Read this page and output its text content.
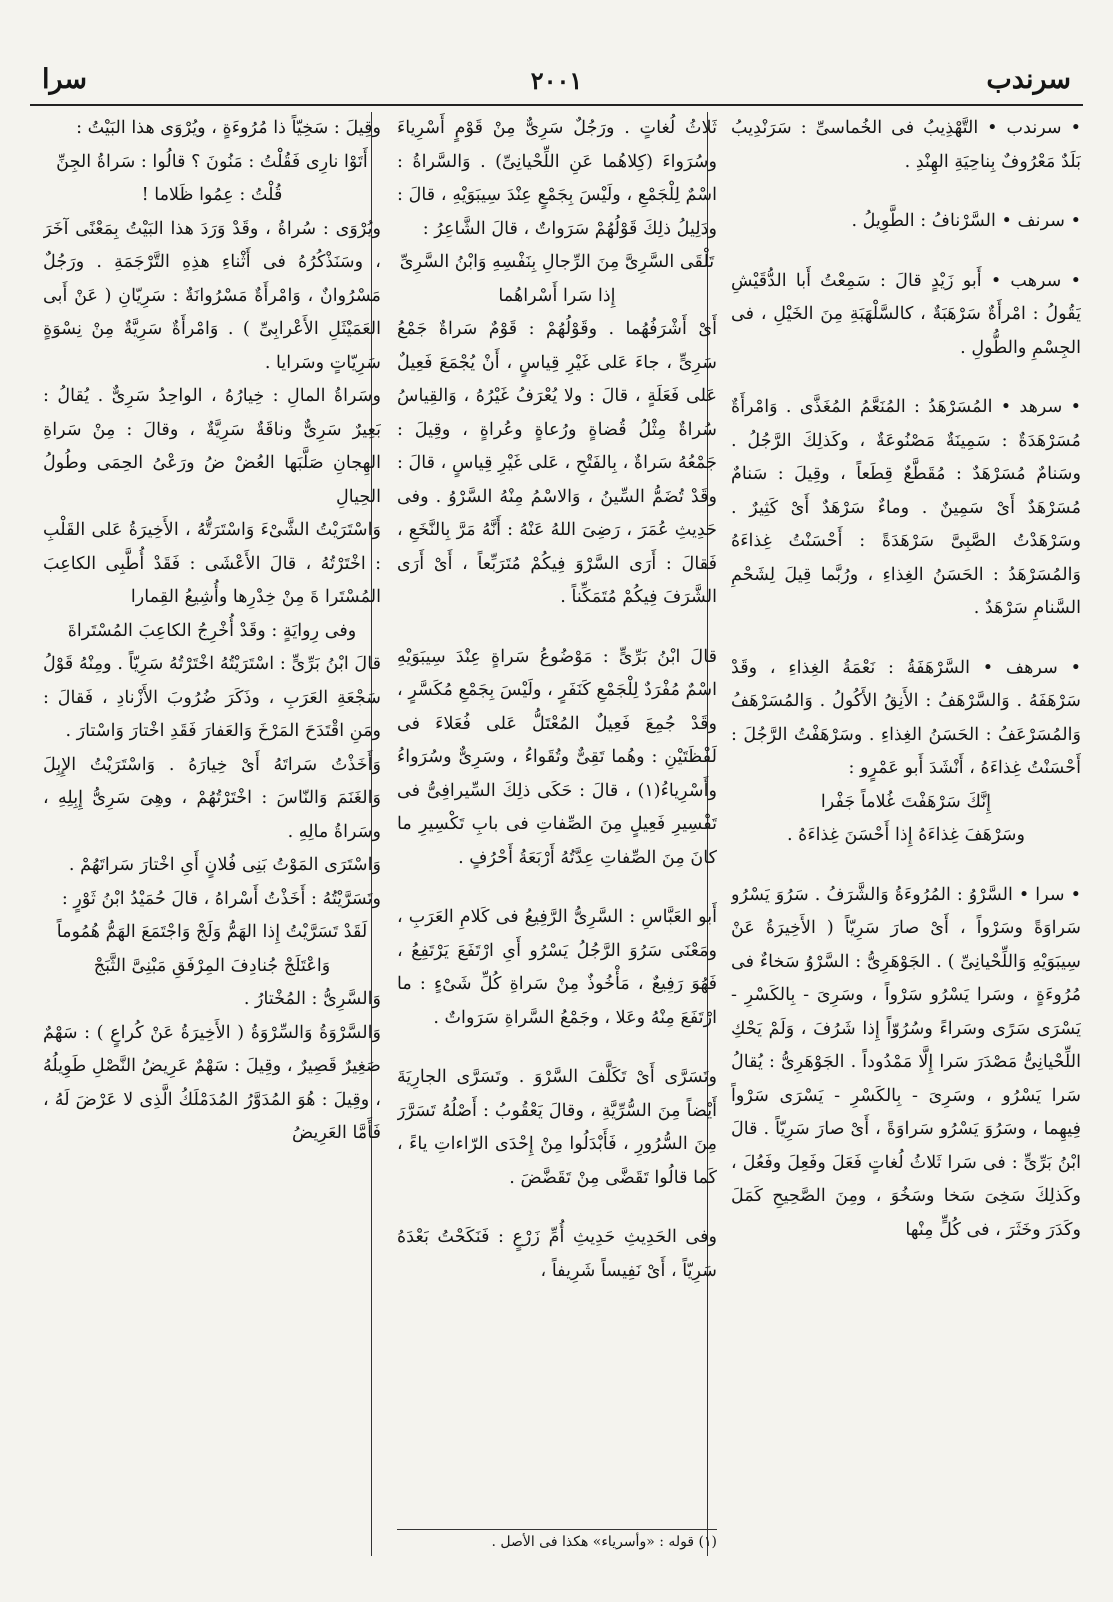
سرندب
٢٠٠١
سرا

• سرندب • التَّهْذِيبُ فى الخُماسىِّ : سَرَنْدِيبُ بَلَدٌ مَعْرُوفٌ بِناحِيَةِ الهِنْدِ .

• سرنف • السَّرْنافُ : الطَّوِيلُ .

• سرهب • أَبو زَيْدٍ قالَ : سَمِعْتُ أَبا الدُّقَيْشِ يَقُولُ : امْرأَةٌ سَرْهَبَةٌ ، كالسَّلْهَبَةِ مِنَ الخَيْلِ ، فى الجِسْمِ والطُّولِ .

• سرهد • المُسَرْهَدُ : المُنَعَّمُ المُغَذَّى . وَامْرأَةٌ مُسَرْهَدَةٌ : سَمِينَةٌ مَصْنُوعَةٌ ، وكَذلِكَ الرَّجُلُ . وسَنامٌ مُسَرْهَدٌ : مُقَطَّعٌ قِطَعاً ، وقِيلَ : سَنامٌ مُسَرْهَدٌ أَىْ سَمِينٌ . وماءٌ سَرْهَدٌ أَىْ كَثِيرٌ . وسَرْهَدْتُ الصَّبِىَّ سَرْهَدَةً : أَحْسَنْتُ غِذاءَهُ وَالمُسَرْهَدُ : الحَسَنُ الغِذاءِ ، ورُبَّما قِيلَ لِشَحْمِ السَّنامِ سَرْهَدٌ .

• سرهف • السَّرْهَفَةُ : نَعْمَةُ الغِذاءِ ، وقَدْ سَرْهَفَهُ . وَالسَّرْهَفُ : الأَنِقُ الأَكُولُ . وَالمُسَرْهَفُ وَالمُسَرْعَفُ : الحَسَنُ الغِذاءِ . وسَرْهَفْتُ الرَّجُلَ : أَحْسَنْتُ غِذاءَهُ ، أَنْشَدَ أَبو عَمْرٍو :

إِنَّكَ سَرْهَفْتَ غُلاماً جَفْرا

وسَرْهَفَ غِذاءَهُ إِذا أَحْسَنَ غِذاءَهُ .

• سرا • السَّرْوُ : المُرُوءَةُ وَالشَّرَفُ . سَرُوَ يَسْرُو سَراوَةً وسَرْواً ، أَىْ صارَ سَرِيّاً ( الأَخِيرَةُ عَنْ سِيبَوَيْهِ وَاللِّحْيانِىِّ ) . الجَوْهَرِىُّ : السَّرْوُ سَخاءٌ فى مُرُوءَةٍ ، وسَرا يَسْرُو سَرْواً ، وسَرِىَ - بِالكَسْرِ - يَسْرَى سَرًى وسَراءً وسُرُوّاً إِذا شَرُفَ ، وَلَمْ يَحْكِ اللِّحْيانِىُّ مَصْدَرَ سَرا إِلَّا مَمْدُوداً . الجَوْهَرِىُّ : يُقالُ سَرا يَسْرُو ، وسَرِىَ - بِالكَسْرِ - يَسْرَى سَرْواً فِيهِما ، وسَرُوَ يَسْرُو سَراوَةً ، أَىْ صارَ سَرِيّاً . قالَ ابْنُ بَرِّىٍّ : فى سَرا ثَلاثُ لُغاتٍ فَعَلَ وفَعِلَ وفَعُلَ ، وكَذلِكَ سَخِىَ سَخا وسَخُوَ ، ومِنَ الصَّحِيحِ كَمَلَ وكَدَرَ وخَثَرَ ، فى كُلٍّ مِنْها

ثَلاثُ لُغاتٍ . ورَجُلٌ سَرِىٌّ مِنْ قَوْمٍ أَسْرِياءَ وسُرَواءَ (كِلاهُما عَنِ اللِّحْيانِىِّ) . وَالسَّراةُ : اسْمٌ لِلْجَمْعِ ، ولَيْسَ بِجَمْعٍ عِنْدَ سِيبَوَيْهِ ، قالَ : ودَلِيلُ ذلِكَ قَوْلُهُمْ سَرَواتٌ ، قالَ الشَّاعِرُ :

تَلْقَى السَّرِىَّ مِنَ الرِّجالِ بِنَفْسِهِ وَابْنُ السَّرِىِّ إِذا سَرا أَسْراهُما

أَىْ أَشْرَفُهُما . وقَوْلُهُمْ : قَوْمٌ سَراةٌ جَمْعُ سَرِىٍّ ، جاءَ عَلى غَيْرِ قِياسٍ ، أَنْ يُجْمَعَ فَعِيلٌ عَلى فَعَلَةٍ ، قالَ : ولا يُعْرَفُ غَيْرُهُ ، وَالقِياسُ سُراةٌ مِثْلُ قُضاةٍ ورُعاةٍ وعُراةٍ ، وقِيلَ : جَمْعُهُ سَراةٌ ، بِالفَتْحِ ، عَلى غَيْرِ قِياسٍ ، قالَ : وقَدْ تُضَمُّ السِّينُ ، وَالاسْمُ مِنْهُ السَّرْوُ . وفى حَدِيثِ عُمَرَ ، رَضِىَ اللهُ عَنْهُ : أَنَّهُ مَرَّ بِالنَّخَعِ ، فَقالَ : أَرَى السَّرْوَ فِيكُمْ مُتَرَبِّعاً ، أَىْ أَرَى الشَّرَفَ فِيكُمْ مُتَمَكِّناً .

قالَ ابْنُ بَرِّىٍّ : مَوْضُوعُ سَراةٍ عِنْدَ سِيبَوَيْهِ اسْمٌ مُفْرَدٌ لِلْجَمْعِ كَنَفَرٍ ، ولَيْسَ بِجَمْعِ مُكَسَّرٍ ، وقَدْ جُمِعَ فَعِيلٌ المُعْتَلُّ عَلى فُعَلاءَ فى لَفْظَتَيْنِ : وهُما تَقِىٌّ وتُقَواءُ ، وسَرِىٌّ وسُرَواءُ وأَسْرِياءُ(١) ، قالَ : حَكَى ذلِكَ السِّيرافِىُّ فى تَفْسِيرِ فَعِيلٍ مِنَ الصِّفاتِ فى بابِ تَكْسِيرِ ما كانَ مِنَ الصِّفاتِ عِدَّتُهُ أَرْبَعَةُ أَحْرُفٍ .

أَبو العَبَّاسِ : السَّرِىُّ الرَّفِيعُ فى كَلامِ العَرَبِ ، ومَعْنَى سَرُوَ الرَّجُلُ يَسْرُو أَىِ ارْتَفَعَ يَرْتَفِعُ ، فَهُوَ رَفِيعٌ ، مَأْخُوذٌ مِنْ سَراةِ كُلِّ شَىْءٍ : ما ارْتَفَعَ مِنْهُ وعَلا ، وجَمْعُ السَّراةِ سَرَواتٌ .

وتَسَرَّى أَىْ تَكَلَّفَ السَّرْوَ . وتَسَرَّى الجارِيَةَ أَيْضاً مِنَ السُّرِّيَّةِ ، وقالَ يَعْقُوبُ : أَصْلُهُ تَسَرَّرَ مِنَ السُّرُورِ ، فَأَبْدَلُوا مِنْ إِحْدَى الرّاءاتِ ياءً ، كَما قالُوا تَقَضَّى مِنْ تَقَضَّضَ .

وفى الحَدِيثِ حَدِيثِ أُمِّ زَرْعٍ : فَنَكَحْتُ بَعْدَهُ سَرِيّاً ، أَىْ نَفِيساً شَرِيفاً ،

(١) قوله : «وأسرياء» هكذا فى الأصل .

وقِيلَ : سَخِيّاً ذا مُرُوءَةٍ ، ويُرْوَى هذا البَيْتُ :

أَتَوْا نارِى فَقُلْتُ : مَنُونَ ؟ قالُوا : سَراةُ الجِنِّ قُلْتُ : عِمُوا ظَلاما !

ويُرْوَى : سُراةُ ، وقَدْ وَرَدَ هذا البَيْتُ بِمَعْنًى آخَرَ ، وسَنَذْكُرُهُ فى أَثْناءِ هذِهِ التَّرْجَمَةِ . ورَجُلٌ مَسْرُوانٌ ، وَامْرأَةٌ مَسْرُوانَةٌ : سَرِيّانِ ( عَنْ أَبى العَمَيْثَلِ الأَعْرابِىِّ ) . وَامْرأَةٌ سَرِيَّةٌ مِنْ نِسْوَةٍ سَرِيّاتٍ وسَرايا .

وسَراةُ المالِ : خِيارُهُ ، الواحِدُ سَرِىٌّ . يُقالُ : بَعِيرٌ سَرِىٌّ وناقَةٌ سَرِيَّةٌ ، وقالَ : مِنْ سَراةِ الهِجانِ صَلَّبَها العُضْ ضُ ورَعْىُ الحِمَى وطُولُ الحِيالِ

وَاسْتَرَيْتُ الشَّىْءَ وَاسْتَرَتُّهُ ، الأَخِيرَةُ عَلى القَلْبِ : اخْتَرْتُهُ ، قالَ الأَعْشَى : فَقَدْ أُطَّبِى الكاعِبَ المُسْتَرا ةَ مِنْ خِدْرِها وأُشِيعُ القِمارا

وفى رِوايَةٍ : وقَدْ أُخْرِجُ الكاعِبَ المُسْتَراةَ

قالَ ابْنُ بَرِّىٍّ : اسْتَرَيْتُهُ اخْتَرْتُهُ سَرِيّاً . ومِنْهُ قَوْلُ سَجْعَةِ العَرَبِ ، وذَكَرَ ضُرُوبَ الأَزْنادِ ، فَقالَ : ومَنِ اقْتَدَحَ المَرْخَ وَالعَفارَ فَقَدِ اخْتارَ وَاسْتارَ .

وَأَخَذْتُ سَراتَهُ أَىْ خِيارَهُ . وَاسْتَرَيْتُ الإِبِلَ وَالغَنَمَ وَالنّاسَ : اخْتَرْتُهُمْ ، وهِىَ سَرِىُّ إِبِلِهِ ، وسَراةُ مالِهِ .

وَاسْتَرَى المَوْتُ بَنِى فُلانٍ أَىِ اخْتارَ سَراتَهُمْ .

وتَسَرَّيْتُهُ : أَخَذْتُ أَسْراهُ ، قالَ حُمَيْدُ ابْنُ ثَوْرٍ :

لَقَدْ تَسَرَّيْتُ إِذا الهَمُّ وَلَجْ وَاجْتَمَعَ الهَمُّ هُمُوماً وَاعْتَلَجْ جُنادِفَ المِرْفَقِ مَبْنِىَّ الثَّبَجْ

وَالسَّرِىُّ : المُخْتارُ .

وَالسَّرْوَةُ وَالسِّرْوَةُ ( الأَخِيرَةُ عَنْ كُراعٍ ) : سَهْمٌ صَغِيرٌ قَصِيرٌ ، وقِيلَ : سَهْمٌ عَرِيضُ النَّصْلِ طَوِيلُهُ ، وقِيلَ : هُوَ المُدَوَّرُ المُدَمْلَكُ الَّذِى لا عَرْضَ لَهُ ، فَأَمَّا العَرِيضُ
